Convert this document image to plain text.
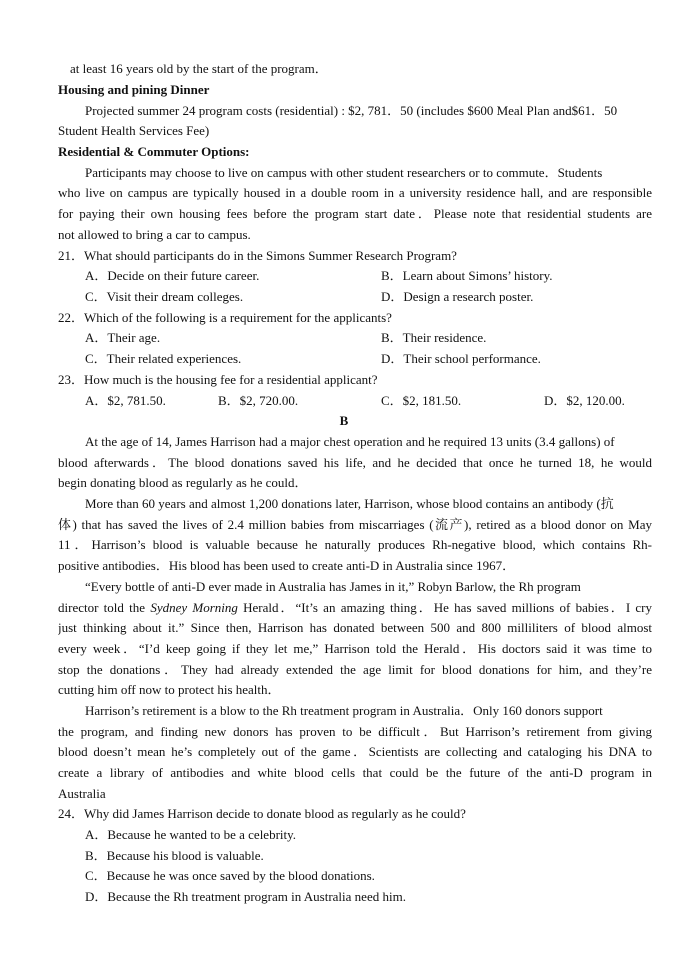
at least 16 years old by the start of the program．
Housing and pining Dinner
Projected summer 24 program costs (residential) : $2, 781．50 (includes $600 Meal Plan and$61．50
Student Health Services Fee)
Residential & Commuter Options:
Participants may choose to live on campus with other student researchers or to commute．Students
who live on campus are typically housed in a double room in a university residence hall, and are responsible
for paying their own housing fees before the program start date．Please note that residential students are
not allowed to bring a car to campus.
21．What should participants do in the Simons Summer Research Program?
A．Decide on their future career.	B．Learn about Simons’ history.
C．Visit their dream colleges.	D．Design a research poster.
22．Which of the following is a requirement for the applicants?
A．Their age.	B．Their residence.
C．Their related experiences.	D．Their school performance.
23．How much is the housing fee for a residential applicant?
A．$2, 781.50.	B．$2, 720.00.	C．$2, 181.50.	D．$2, 120.00.
B
At the age of 14, James Harrison had a major chest operation and he required 13 units (3.4 gallons) of
blood afterwards．The blood donations saved his life, and he decided that once he turned 18, he would
begin donating blood as regularly as he could．
More than 60 years and almost 1,200 donations later, Harrison, whose blood contains an antibody (抗
体) that has saved the lives of 2.4 million babies from miscarriages (流产), retired as a blood donor on May
11．Harrison’s blood is valuable because he naturally produces Rh-negative blood, which contains Rh-
positive antibodies．His blood has been used to create anti-D in Australia since 1967．
“Every bottle of anti-D ever made in Australia has James in it,” Robyn Barlow, the Rh program
director told the Sydney Morning Herald．“It’s an amazing thing．He has saved millions of babies．I cry
just thinking about it.” Since then, Harrison has donated between 500 and 800 milliliters of blood almost
every week．“I’d keep going if they let me,” Harrison told the Herald．His doctors said it was time to
stop the donations．They had already extended the age limit for blood donations for him, and they’re
cutting him off now to protect his health．
Harrison’s retirement is a blow to the Rh treatment program in Australia．Only 160 donors support
the program, and finding new donors has proven to be difficult．But Harrison’s retirement from giving
blood doesn’t mean he’s completely out of the game．Scientists are collecting and cataloging his DNA to
create a library of antibodies and white blood cells that could be the future of the anti-D program in
Australia
24．Why did James Harrison decide to donate blood as regularly as he could?
A．Because he wanted to be a celebrity.
B．Because his blood is valuable.
C．Because he was once saved by the blood donations.
D．Because the Rh treatment program in Australia need him.
